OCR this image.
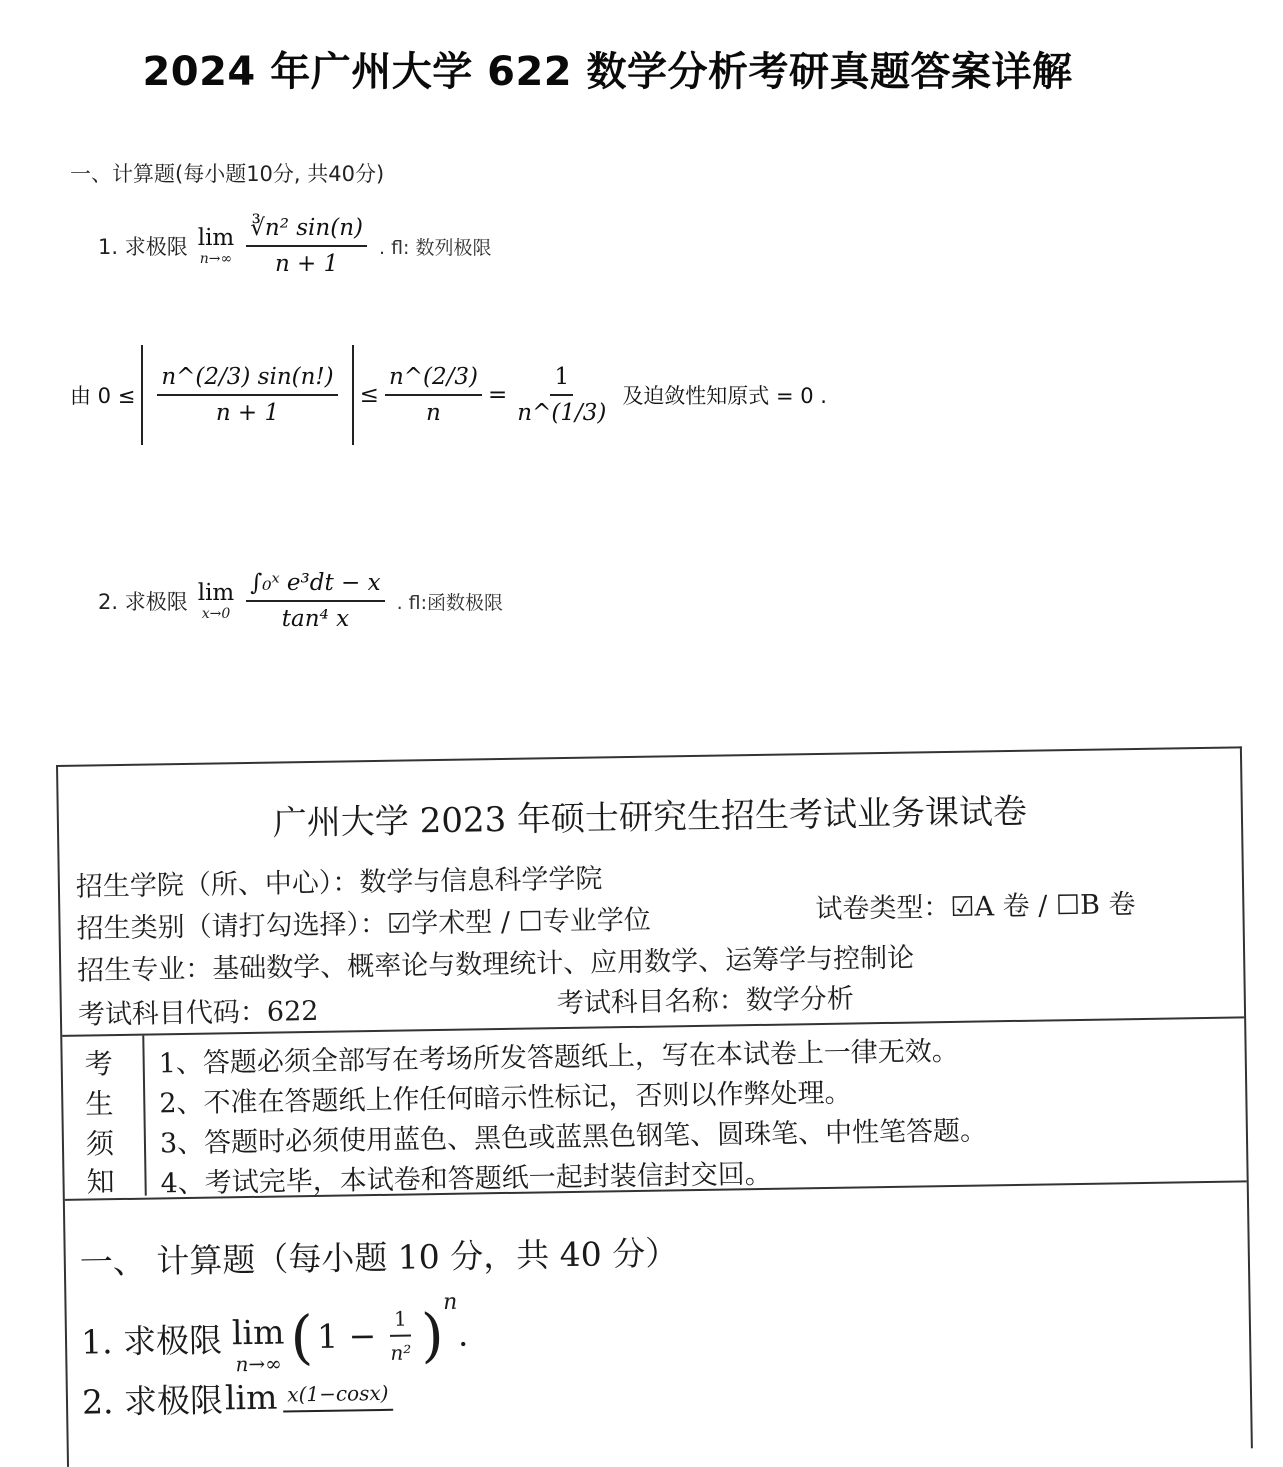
2024 年广州大学 622 数学分析考研真题答案详解
一、计算题(每小题10分, 共40分)
1. 求极限 lim
$n\to\infty \frac{\text{∛n² sin(n)}}{n + 1}$ . fl: 数列极限
由 $0 \le \frac{n\^{}(2/3) \sin(n!)}{n + 1} \le \frac{n\^{}(2/3)}{n} = \frac{1}{n\^{}(1/3)}$ 及迫敛性知原式 = 0 .
2. 求极限 lim
$x\to 0 \frac{\text{∫₀ˣ e³dt − x}}{\text{tan⁴ x}}$ . fl:函数极限
广州大学 2023 年硕士研究生招生考试业务课试卷
招生学院（所、中心）：数学与信息科学学院
招生类别（请打勾选择）：☑学术型 / ☐专业学位	试卷类型：☑A 卷 / ☐B 卷
招生专业：基础数学、概率论与数理统计、应用数学、运筹学与控制论
考试科目代码：622	考试科目名称：数学分析
考
生
须
知
1、答题必须全部写在考场所发答题纸上，写在本试卷上一律无效。
2、不准在答题纸上作任何暗示性标记，否则以作弊处理。
3、答题时必须使用蓝色、黑色或蓝黑色钢笔、圆珠笔、中性笔答题。
4、考试完毕，本试卷和答题纸一起封装信封交回。
一、 计算题（每小题 10 分，共 40 分）
1. 求极限 lim
n→∞ ( $1 - \frac{1}{\text{n²}}$ )
n
.
2. 求极限 lim x(1−cosx)
